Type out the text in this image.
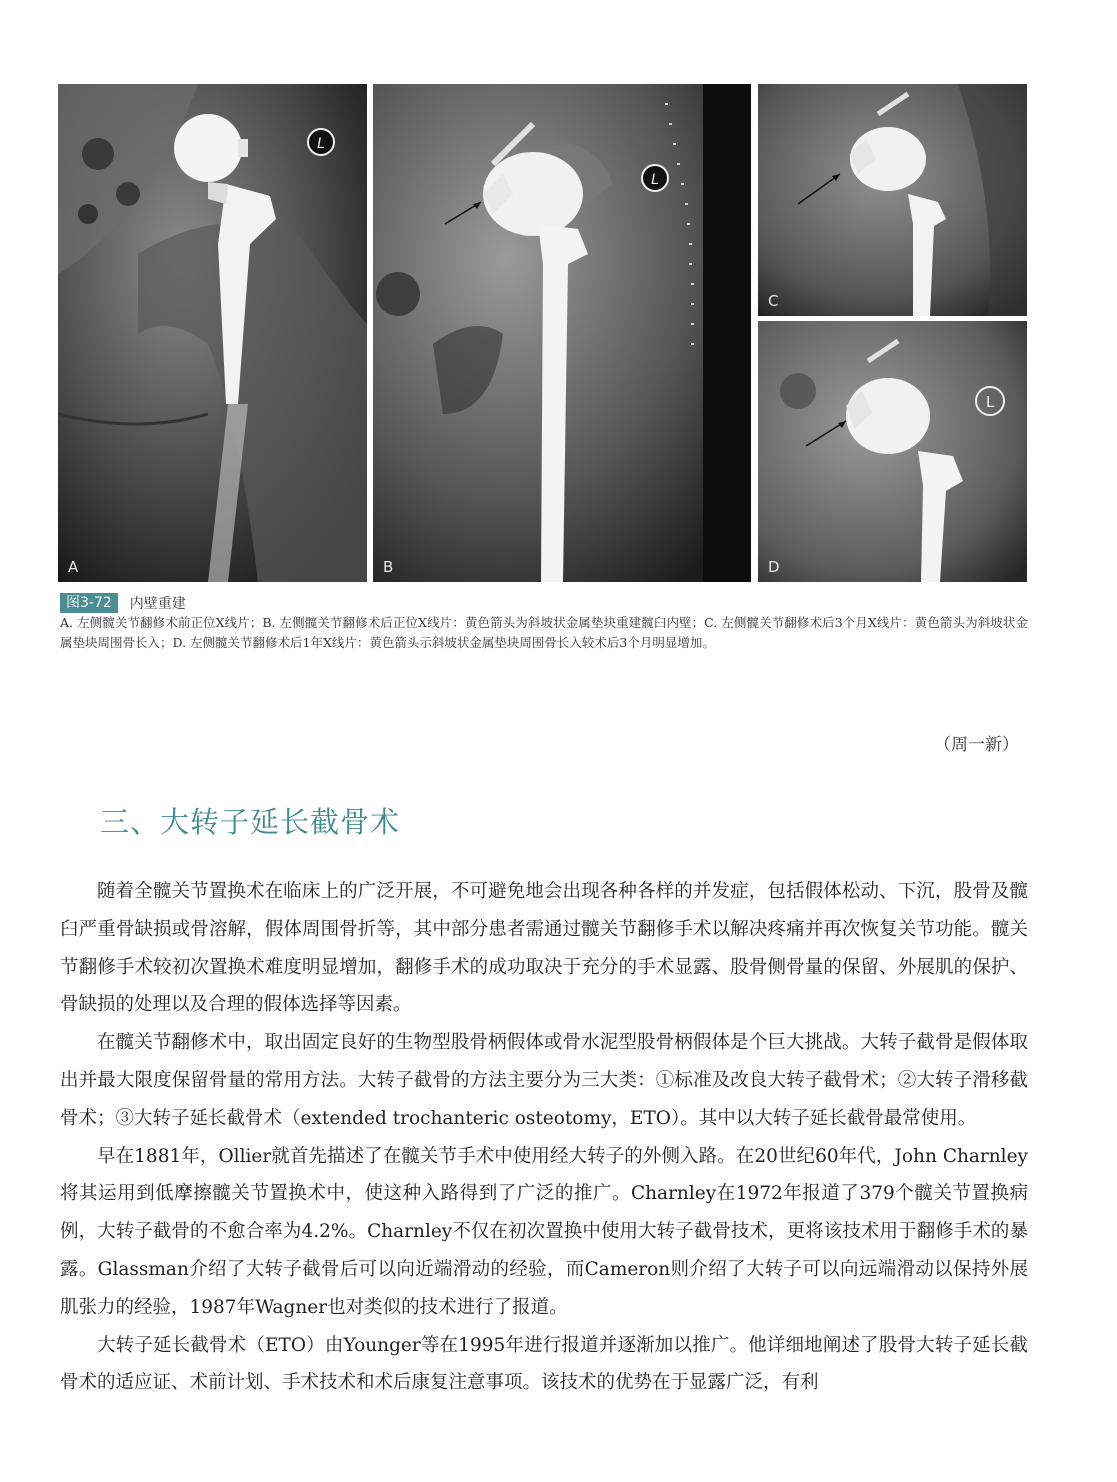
L
A
L
B
C
L
D
图3-72	内壁重建
A. 左侧髋关节翻修术前正位X线片；B. 左侧髋关节翻修术后正位X线片：黄色箭头为斜坡状金属垫块重建髋臼内壁；C. 左侧髋关节翻修术后3个月X线片：黄色箭头为斜坡状金属垫块周围骨长入；D. 左侧髋关节翻修术后1年X线片：黄色箭头示斜坡状金属垫块周围骨长入较术后3个月明显增加。
（周一新）
三、大转子延长截骨术

随着全髋关节置换术在临床上的广泛开展，不可避免地会出现各种各样的并发症，包括假体松动、下沉，股骨及髋臼严重骨缺损或骨溶解，假体周围骨折等，其中部分患者需通过髋关节翻修手术以解决疼痛并再次恢复关节功能。髋关节翻修手术较初次置换术难度明显增加，翻修手术的成功取决于充分的手术显露、股骨侧骨量的保留、外展肌的保护、骨缺损的处理以及合理的假体选择等因素。

在髋关节翻修术中，取出固定良好的生物型股骨柄假体或骨水泥型股骨柄假体是个巨大挑战。大转子截骨是假体取出并最大限度保留骨量的常用方法。大转子截骨的方法主要分为三大类：①标准及改良大转子截骨术；②大转子滑移截骨术；③大转子延长截骨术（extended trochanteric osteotomy，ETO）。其中以大转子延长截骨最常使用。

早在1881年，Ollier就首先描述了在髋关节手术中使用经大转子的外侧入路。在20世纪60年代，John Charnley将其运用到低摩擦髋关节置换术中，使这种入路得到了广泛的推广。Charnley在1972年报道了379个髋关节置换病例，大转子截骨的不愈合率为4.2%。Charnley不仅在初次置换中使用大转子截骨技术，更将该技术用于翻修手术的暴露。Glassman介绍了大转子截骨后可以向近端滑动的经验，而Cameron则介绍了大转子可以向远端滑动以保持外展肌张力的经验，1987年Wagner也对类似的技术进行了报道。

大转子延长截骨术（ETO）由Younger等在1995年进行报道并逐渐加以推广。他详细地阐述了股骨大转子延长截骨术的适应证、术前计划、手术技术和术后康复注意事项。该技术的优势在于显露广泛，有利
